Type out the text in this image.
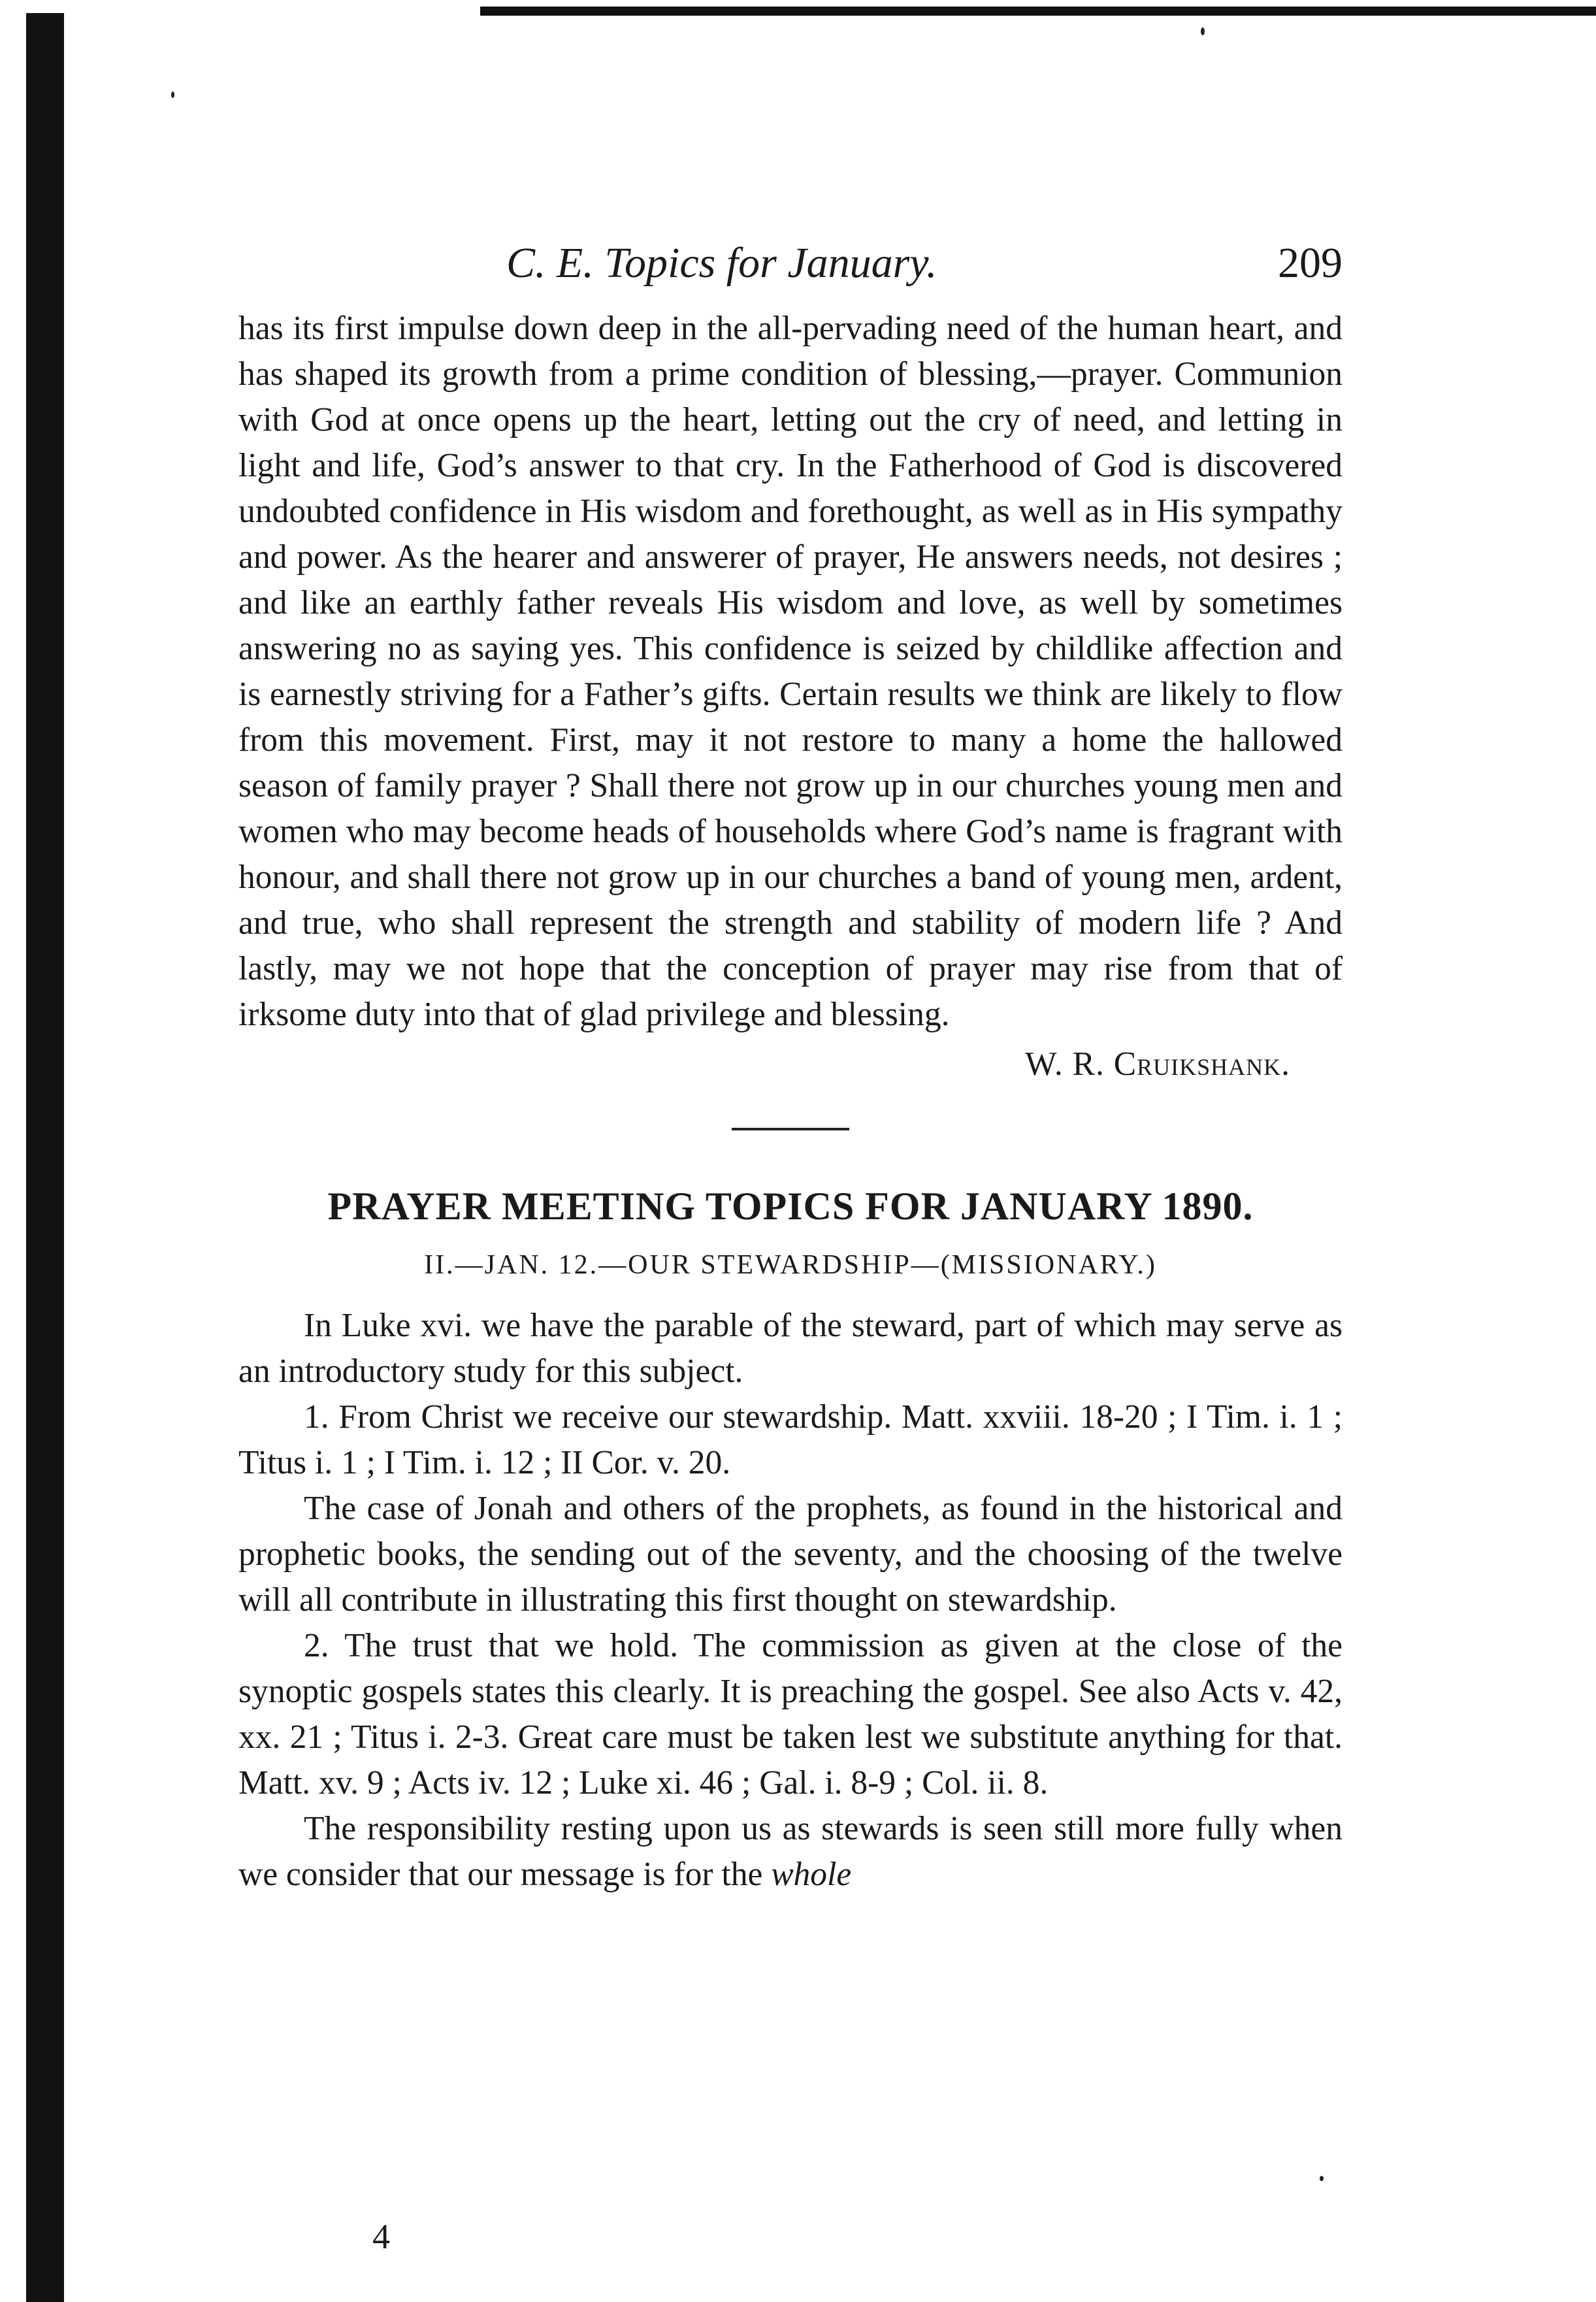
C. E. Topics for January.	209

has its first impulse down deep in the all-pervading need of the human heart, and has shaped its growth from a prime condition of blessing,—prayer. Communion with God at once opens up the heart, letting out the cry of need, and letting in light and life, God’s answer to that cry. In the Fatherhood of God is discovered undoubted confidence in His wisdom and forethought, as well as in His sympathy and power. As the hearer and answerer of prayer, He answers needs, not desires ; and like an earthly father reveals His wisdom and love, as well by sometimes answering no as saying yes. This confidence is seized by childlike affection and is earnestly striving for a Father’s gifts. Certain results we think are likely to flow from this movement. First, may it not restore to many a home the hallowed season of family prayer ? Shall there not grow up in our churches young men and women who may become heads of households where God’s name is fragrant with honour, and shall there not grow up in our churches a band of young men, ardent, and true, who shall represent the strength and stability of modern life ? And lastly, may we not hope that the conception of prayer may rise from that of irksome duty into that of glad privilege and blessing.

W. R. Cruikshank.

PRAYER MEETING TOPICS FOR JANUARY 1890.

II.—JAN. 12.—OUR STEWARDSHIP—(MISSIONARY.)

In Luke xvi. we have the parable of the steward, part of which may serve as an introductory study for this subject.

1. From Christ we receive our stewardship. Matt. xxviii. 18-20 ; I Tim. i. 1 ; Titus i. 1 ; I Tim. i. 12 ; II Cor. v. 20.

The case of Jonah and others of the prophets, as found in the historical and prophetic books, the sending out of the seventy, and the choosing of the twelve will all contribute in illustrating this first thought on stewardship.

2. The trust that we hold. The commission as given at the close of the synoptic gospels states this clearly. It is preaching the gospel. See also Acts v. 42, xx. 21 ; Titus i. 2-3. Great care must be taken lest we substitute anything for that. Matt. xv. 9 ; Acts iv. 12 ; Luke xi. 46 ; Gal. i. 8-9 ; Col. ii. 8.

The responsibility resting upon us as stewards is seen still more fully when we consider that our message is for the whole

4
